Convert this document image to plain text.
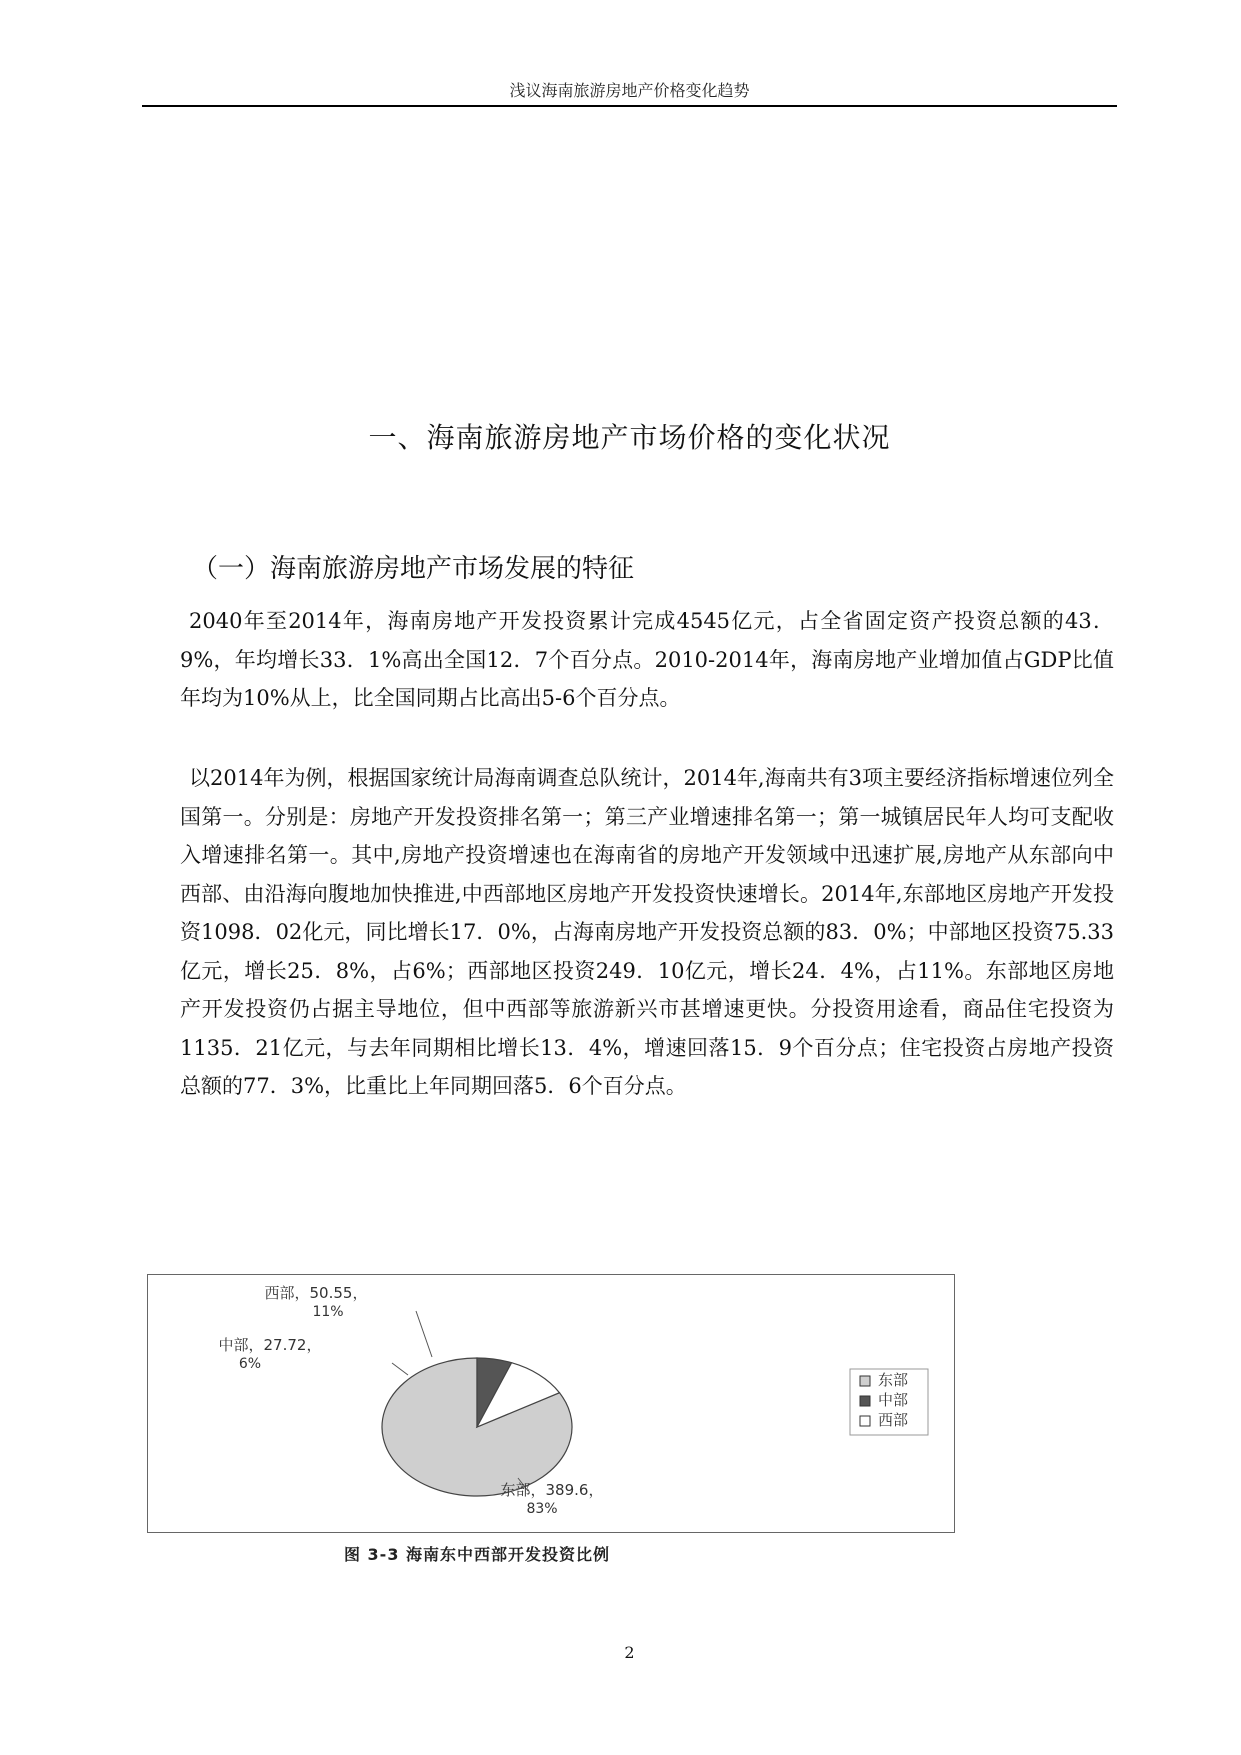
浅议海南旅游房地产价格变化趋势
一、海南旅游房地产市场价格的变化状况
（一）海南旅游房地产市场发展的特征

2040年至2014年，海南房地产开发投资累计完成4545亿元，占全省固定资产投资总额的43．9%，年均增长33．1%高出全国12．7个百分点。2010-2014年，海南房地产业增加值占GDP比值年均为10%从上，比全国同期占比高出5-6个百分点。

以2014年为例，根据国家统计局海南调查总队统计，2014年,海南共有3项主要经济指标增速位列全国第一。分别是：房地产开发投资排名第一；第三产业增速排名第一；第一城镇居民年人均可支配收入增速排名第一。其中,房地产投资增速也在海南省的房地产开发领域中迅速扩展,房地产从东部向中西部、由沿海向腹地加快推进,中西部地区房地产开发投资快速增长。2014年,东部地区房地产开发投资1098．02化元，同比增长17．0%，占海南房地产开发投资总额的83．0%；中部地区投资75.33亿元，增长25．8%，占6%；西部地区投资249．10亿元，增长24．4%，占11%。东部地区房地产开发投资仍占据主导地位，但中西部等旅游新兴市甚增速更快。分投资用途看，商品住宅投资为1135．21亿元，与去年同期相比增长13．4%，增速回落15．9个百分点；住宅投资占房地产投资总额的77．3%，比重比上年同期回落5．6个百分点。

东部，389.6，
83%
中部，27.72，
6%
西部，50.55，
11%
东部
中部
西部
图 3-3 海南东中西部开发投资比例
2
